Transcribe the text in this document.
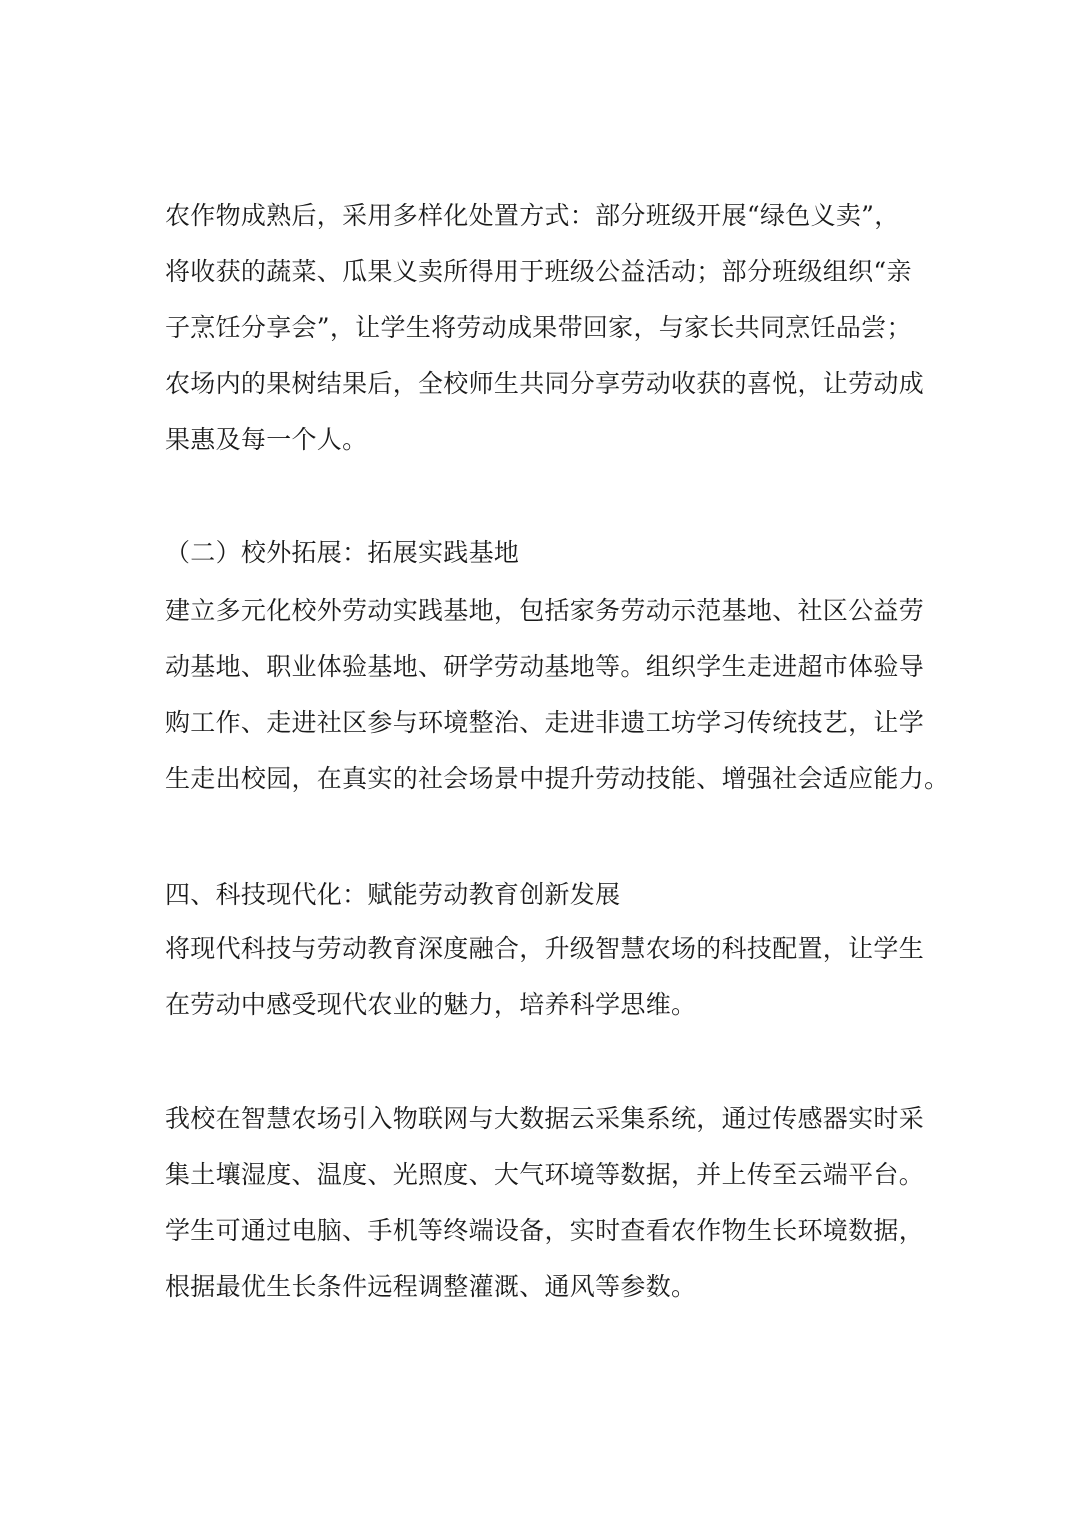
农作物成熟后，采用多样化处置方式：部分班级开展“绿色义卖”，
将收获的蔬菜、瓜果义卖所得用于班级公益活动；部分班级组织“亲
子烹饪分享会”，让学生将劳动成果带回家，与家长共同烹饪品尝；
农场内的果树结果后，全校师生共同分享劳动收获的喜悦，让劳动成
果惠及每一个人。
（二）校外拓展：拓展实践基地
建立多元化校外劳动实践基地，包括家务劳动示范基地、社区公益劳
动基地、职业体验基地、研学劳动基地等。组织学生走进超市体验导
购工作、走进社区参与环境整治、走进非遗工坊学习传统技艺，让学
生走出校园，在真实的社会场景中提升劳动技能、增强社会适应能力。
四、科技现代化：赋能劳动教育创新发展
将现代科技与劳动教育深度融合，升级智慧农场的科技配置，让学生
在劳动中感受现代农业的魅力，培养科学思维。
我校在智慧农场引入物联网与大数据云采集系统，通过传感器实时采
集土壤湿度、温度、光照度、大气环境等数据，并上传至云端平台。
学生可通过电脑、手机等终端设备，实时查看农作物生长环境数据，
根据最优生长条件远程调整灌溉、通风等参数。
